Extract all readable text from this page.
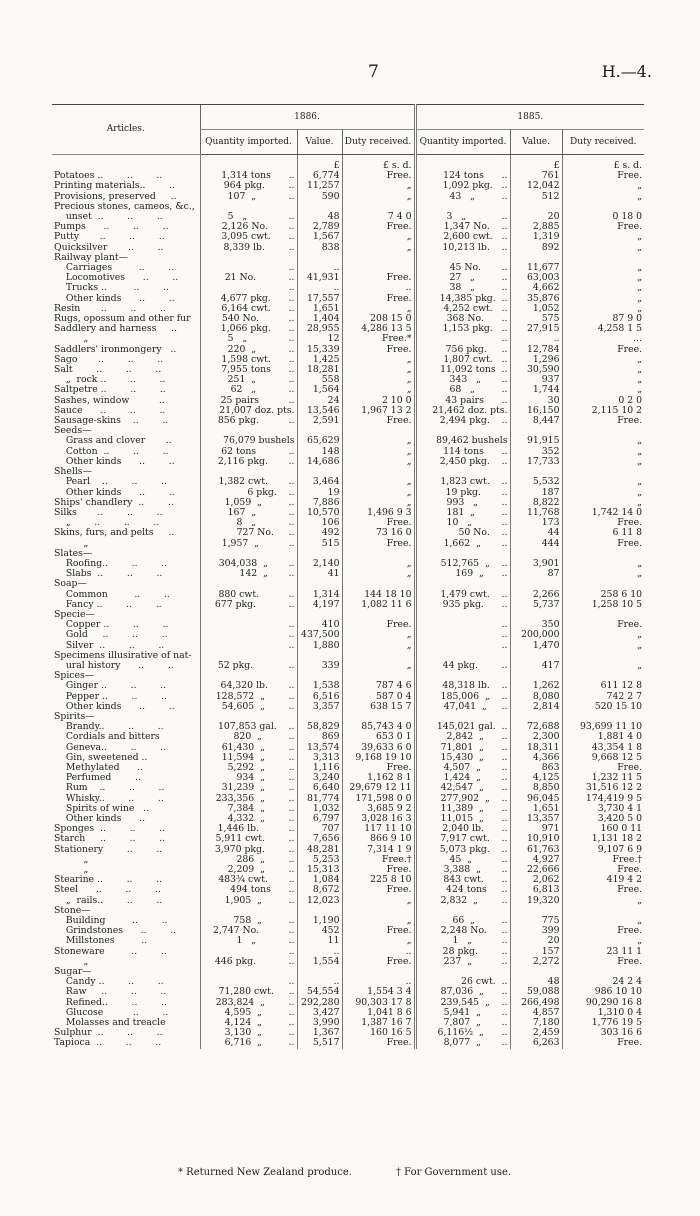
7	H.—4.
Articles.	1886.			1885.		
	Quantity imported.	Value.	Duty received.	Quantity imported.	Value.	Duty received.
		£	£ s. d.		£	£ s. d.
Potatoes ..        ..        ..	1,314 tons      ..	6,774	Free.	124 tons      ..	761	Free.
Printing materials..        ..	964 pkg.        ..	11,257	„	1,092 pkg.   ..	12,042	„
Provisions, preserved     ..	107  „           ..	590	„	43   „         ..	512	„
Precious stones, cameos, &c.,						
unset  ..        ..        ..	5   „              ..	48	7 4 0	3   „            ..	20	0 18 0
Pumps      ..        ..        ..	2,126 No.       ..	2,789	Free.	1,347 No.    ..	2,885	Free.
Putty       ..        ..        ..	3,095 cwt.      ..	1,567	„	2,600 cwt.   ..	1,319	„
Quicksilver       ..        ..	8,339 lb.        ..	838	„	10,213 lb.    ..	892	„
Railway plant—						
Carriages         ..        ..	..	..		45 No.       ..	11,677	„
Locomotives      ..        ..	21 No.           ..	41,931	Free.	27   „         ..	63,003	„
Trucks ..         ..        ..	..	..	..	38   „         ..	4,662	„
Other kinds      ..        ..	4,677 pkg.      ..	17,557	Free.	14,385 pkg.  ..	35,876	„
Resin       ..        ..        ..	6,164 cwt.      ..	1,651	„	4,252 cwt.   ..	1,052	„
Rugs, opossum and other fur	540 No.          ..	1,404	208 15 0	368 No.      ..	575	87 9 0
Saddlery and harness     ..	1,066 pkg.      ..	28,955	4,286 13 5	1,153 pkg.   ..	27,915	4,258 1 5
„	5   „              ..	12	Free.*	..	..	...
Saddlers' ironmongery   ..	220  „           ..	15,339	Free.	756 pkg.     ..	12,784	Free.
Sago       ..        ..        ..	1,598 cwt.      ..	1,425	„	1,807 cwt.   ..	1,296	„
Salt        ..        ..        ..	7,955 tons      ..	18,281	„	11,092 tons  ..	30,590	„
„  rock ..        ..        ..	251  „           ..	558	„	343   „       ..	937	„
Saltpetre ..        ..        ..	62   „           ..	1,564	„	68   „         ..	1,744	„
Sashes, window          ..	25 pairs          ..	24	2 10 0	43 pairs      ..	30	0 2 0
Sauce      ..        ..        ..	21,007 doz. pts.	13,546	1,967 13 2	21,462 doz. pts.	16,150	2,115 10 2
Sausage-skins    ..        ..	856 pkg.          ..	2,591	Free.	2,494 pkg.    ..	8,447	Free.
Seeds—						
Grass and clover       ..	76,079 bushels	65,629	„	89,462 bushels	91,915	„
Cotton  ..        ..        ..	62 tons           ..	148	„	114 tons      ..	352	„
Other kinds      ..        ..	2,116 pkg.       ..	14,686	„	2,450 pkg.    ..	17,733	„
Shells—						
Pearl    ..        ..        ..	1,382 cwt.       ..	3,464	„	1,823 cwt.    ..	5,532	„
Other kinds      ..        ..	6 pkg.    ..	19	„	19 pkg.       ..	187	„
Ships' chandlery  ..        ..	1,059  „         ..	7,886	„	993   „        ..	8,822	„
Silks       ..        ..        ..	167  „           ..	10,570	1,496 9 3	181  „         ..	11,768	1,742 14 0
„        ..        ..        ..	8   „           ..	106	Free.	10   „          ..	173	Free.
Skins, furs, and pelts     ..	727 No.     ..	492	73 16 0	50 No.    ..	44	6 11 8
„	1,957  „          ..	515	Free.	1,662  „       ..	444	Free.
Slates—						
Roofing..        ..        ..	304,038  „       ..	2,140	„	512,765  „    ..	3,901	„
Slabs  ..        ..        ..	142  „       ..	41	„	169  „      ..	87	„
Soap—						
Common         ..        ..	880 cwt.          ..	1,314	144 18 10	1,479 cwt.    ..	2,266	258 6 10
Fancy ..        ..        ..	677 pkg.           ..	4,197	1,082 11 6	935 pkg.      ..	5,737	1,258 10 5
Specie—						
Copper ..        ..        ..	..	410	Free.	..	350	Free.
Gold     ..        ..        ..	..	437,500	„	..	200,000	„
Silver  ..        ..        ..	..	1,880	„	..	1,470	„
Specimens illusirative of nat-						
ural history      ..        ..	52 pkg.            ..	339	„	44 pkg.        ..	417	„
Spices—						
Ginger ..        ..        ..	64,320 lb.       ..	1,538	787 4 6	48,318 lb.    ..	1,262	611 12 8
Pepper ..        ..        ..	128,572  „        ..	6,516	587 0 4	185,006  „    ..	8,080	742 2 7
Other kinds      ..        ..	54,605  „        ..	3,357	638 15 7	47,041  „     ..	2,814	520 15 10
Spirits—						
Brandy..        ..        ..	107,853 gal.    ..	58,829	85,743 4 0	145,021 gal.  ..	72,688	93,699 11 10
Cordials and bitters	820  „         ..	869	653 0 1	2,842  „      ..	2,300	1,881 4 0
Geneva..        ..        ..	61,430  „        ..	13,574	39,633 6 0	71,801  „      ..	18,311	43,354 1 8
Gin, sweetened ..	11,594  „        ..	3,313	9,168 19 10	15,430  „      ..	4,366	9,668 12 5
Methylated      ..	5,292  „        ..	1,116	Free.	4,507  „       ..	863	Free.
Perfumed        ..	934  „        ..	3,240	1,162 8 1	1,424  „       ..	4,125	1,232 11 5
Rum    ..        ..        ..	31,239  „        ..	6,640	29,679 12 11	42,547  „      ..	8,850	31,516 12 2
Whisky..        ..        ..	233,356  „        ..	81,774	171,598 0 0	277,902  „    ..	96,045	174,419 9 5
Spirits of wine   ..	7,384  „        ..	1,032	3,685 9 2	11,389  „      ..	1,651	3,730 4 1
Other kinds      ..	4,332  „        ..	6,797	3,028 16 3	11,015  „      ..	13,357	3,420 5 0
Sponges  ..        ..        ..	1,446 lb.          ..	707	117 11 10	2,040 lb.      ..	971	160 0 11
Starch     ..        ..        ..	5,911 cwt.        ..	7,656	866 9 10	7,917 cwt.    ..	10,910	1,131 18 2
Stationery        ..        ..	3,970 pkg.        ..	48,281	7,314 1 9	5,073 pkg.    ..	61,763	9,107 6 9
„	286  „        ..	5,253	Free.†	45  „          ..	4,927	Free.†
„	2,209  „        ..	15,313	Free.	3,388  „       ..	22,666	Free.
Stearine ..        ..        ..	483¾ cwt.       ..	1,084	225 8 10	843 cwt.      ..	2,062	419 4 2
Steel      ..        ..        ..	494 tons      ..	8,672	Free.	424 tons     ..	6,813	Free.
„  rails..        ..        ..	1,905  „         ..	12,023	„	2,832  „        ..	19,320	„
Stone—						
Building         ..        ..	758  „         ..	1,190	„	66  „         ..	775	„
Grindstones      ..        ..	2,747 No.          ..	452	Free.	2,248 No.     ..	399	Free.
Millstones         ..	1   „           ..	11	„	1   „          ..	20	„
Stoneware         ..        ..	..	..	..	28 pkg.        ..	157	23 11 1
„	446 pkg.           ..	1,554	Free.	237  „          ..	2,272	Free.
Sugar—						
Candy ..        ..        ..	..	..	..	26 cwt.  ..	48	24 2 4
Raw     ..        ..        ..	71,280 cwt.     ..	54,554	1,554 3 4	87,036  „      ..	59,088	986 10 10
Refined..        ..        ..	283,824  „        ..	292,280	90,303 17 8	239,545  „    ..	266,498	90,290 16 8
Glucose          ..        ..	4,595  „         ..	3,427	1,041 8 6	5,941  „       ..	4,857	1,310 0 4
Molasses and treacle	4,124  „         ..	3,990	1,387 16 7	7,807  „       ..	7,180	1,776 19 5
Sulphur  ..        ..        ..	3,130  „         ..	1,367	160 16 5	6,116½  „      ..	2,459	303 16 6
Tapioca  ..        ..        ..	6,716  „         ..	5,517	Free.	8,077  „       ..	6,263	Free.
* Returned New Zealand produce.	† For Government use.
